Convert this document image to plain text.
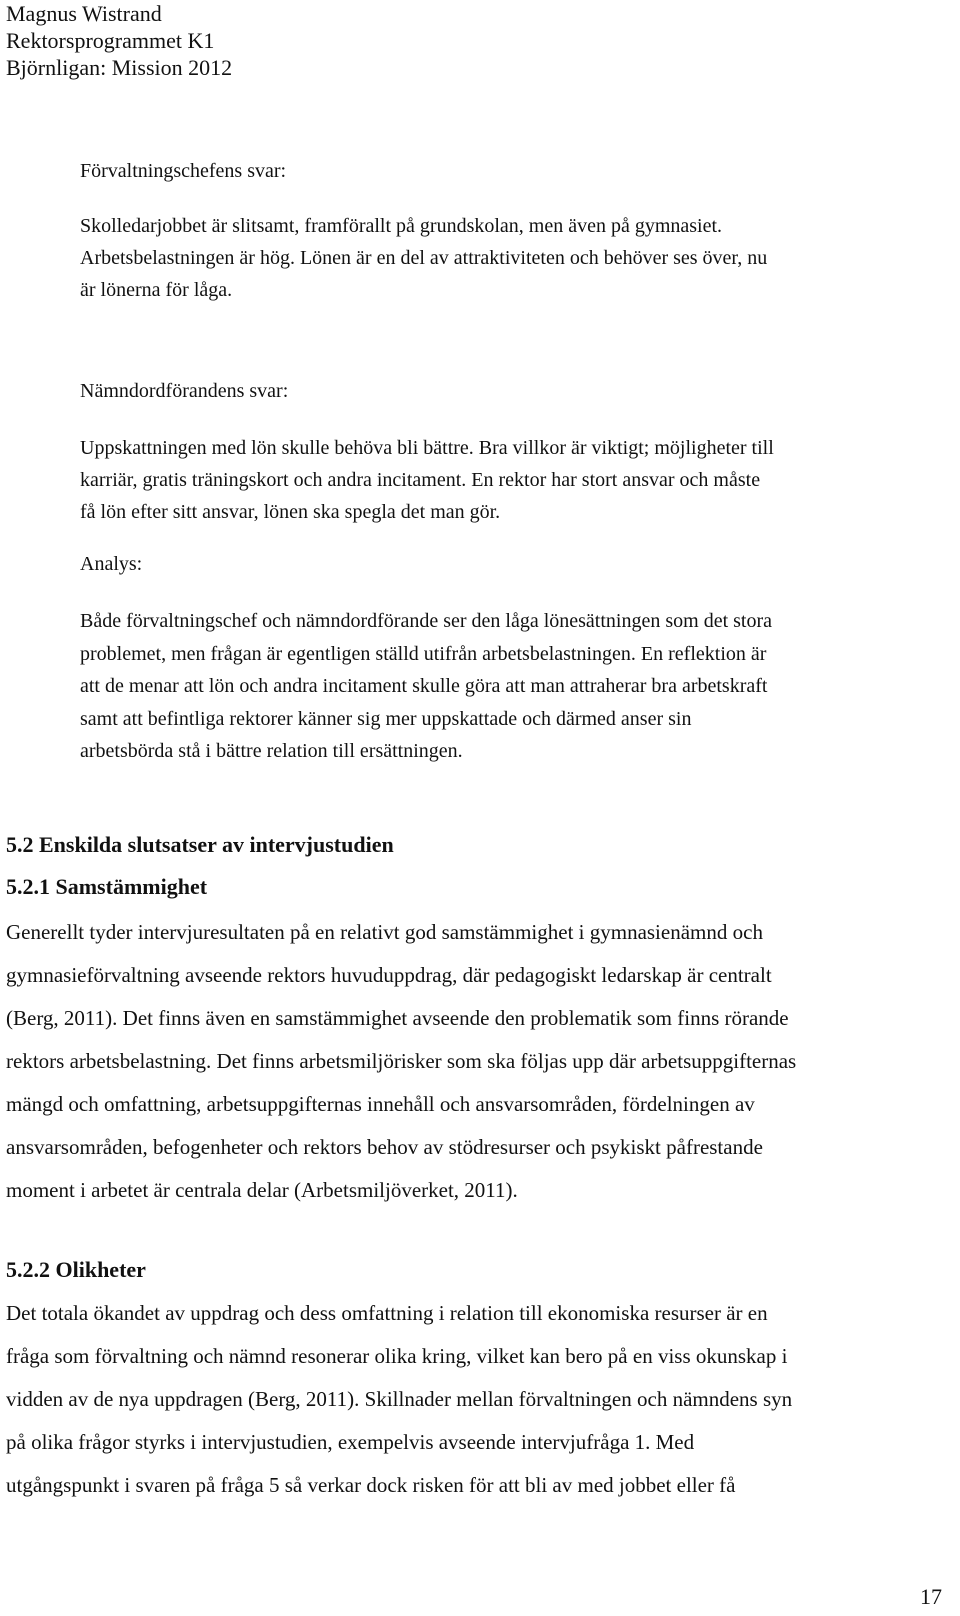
Magnus Wistrand
Rektorsprogrammet K1
Björnligan: Mission 2012

Förvaltningschefens svar:

Skolledarjobbet är slitsamt, framförallt på grundskolan, men även på gymnasiet.

Arbetsbelastningen är hög. Lönen är en del av attraktiviteten och behöver ses över, nu

är lönerna för låga.

Nämndordförandens svar:

Uppskattningen med lön skulle behöva bli bättre. Bra villkor är viktigt; möjligheter till

karriär, gratis träningskort och andra incitament. En rektor har stort ansvar och måste

få lön efter sitt ansvar, lönen ska spegla det man gör.

Analys:

Både förvaltningschef och nämndordförande ser den låga lönesättningen som det stora

problemet, men frågan är egentligen ställd utifrån arbetsbelastningen. En reflektion är

att de menar att lön och andra incitament skulle göra att man attraherar bra arbetskraft

samt att befintliga rektorer känner sig mer uppskattade och därmed anser sin

arbetsbörda stå i bättre relation till ersättningen.

5.2 Enskilda slutsatser av intervjustudien
5.2.1 Samstämmighet

Generellt tyder intervjuresultaten på en relativt god samstämmighet i gymnasienämnd och

gymnasieförvaltning avseende rektors huvuduppdrag, där pedagogiskt ledarskap är centralt

(Berg, 2011). Det finns även en samstämmighet avseende den problematik som finns rörande

rektors arbetsbelastning. Det finns arbetsmiljörisker som ska följas upp där arbetsuppgifternas

mängd och omfattning, arbetsuppgifternas innehåll och ansvarsområden, fördelningen av

ansvarsområden, befogenheter och rektors behov av stödresurser och psykiskt påfrestande

moment i arbetet är centrala delar (Arbetsmiljöverket, 2011).

5.2.2 Olikheter

Det totala ökandet av uppdrag och dess omfattning i relation till ekonomiska resurser är en

fråga som förvaltning och nämnd resonerar olika kring, vilket kan bero på en viss okunskap i

vidden av de nya uppdragen (Berg, 2011). Skillnader mellan förvaltningen och nämndens syn

på olika frågor styrks i intervjustudien, exempelvis avseende intervjufråga 1. Med

utgångspunkt i svaren på fråga 5 så verkar dock risken för att bli av med jobbet eller få

17
